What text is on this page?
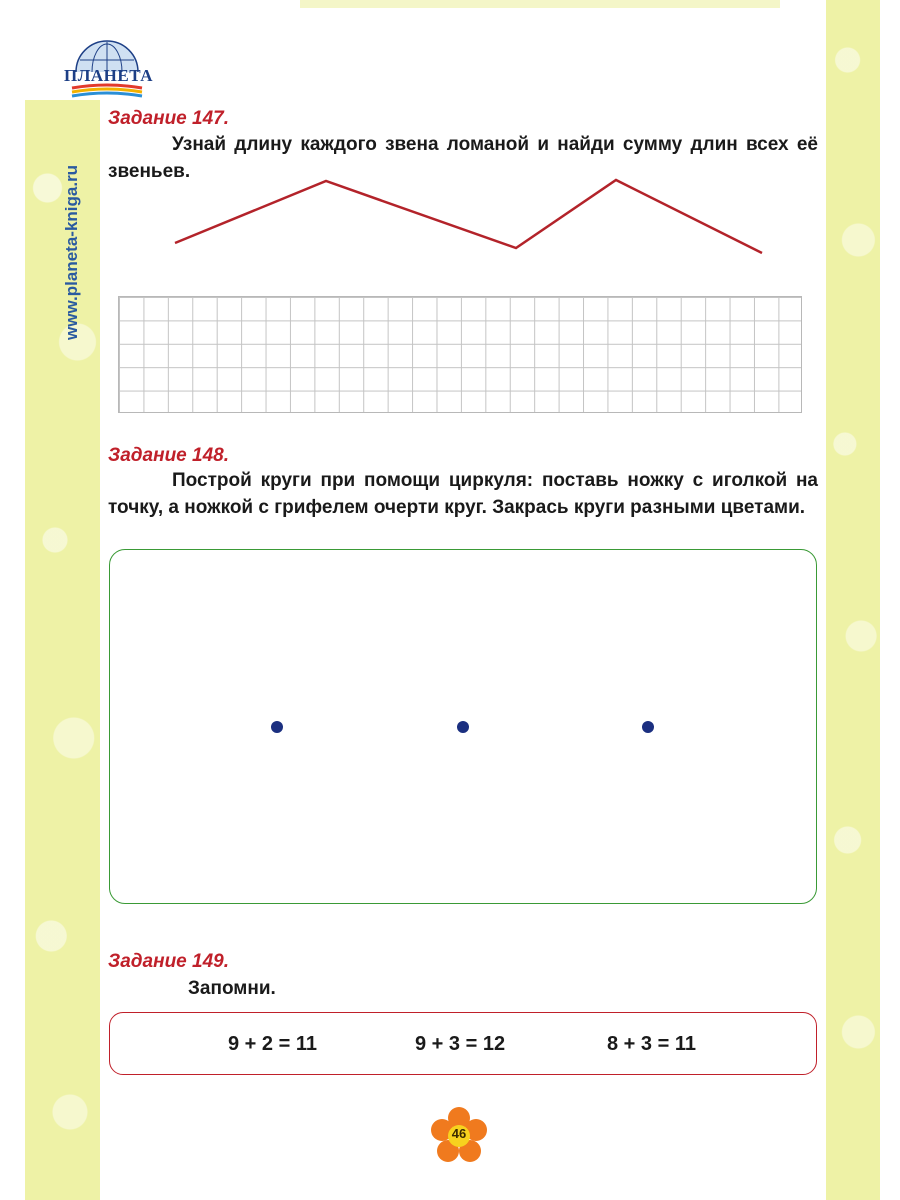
ПЛАНЕТА
www.planeta-kniga.ru
Задание 147.
Узнай длину каждого звена ломаной и найди сумму длин всех её звеньев.
Задание 148.
Построй круги при помощи циркуля: поставь ножку с иголкой на точку, а ножкой с грифелем очерти круг. Закрась круги разными цветами.
Задание 149.
Запомни.
9 + 2 = 11	9 + 3 = 12	8 + 3 = 11
46
